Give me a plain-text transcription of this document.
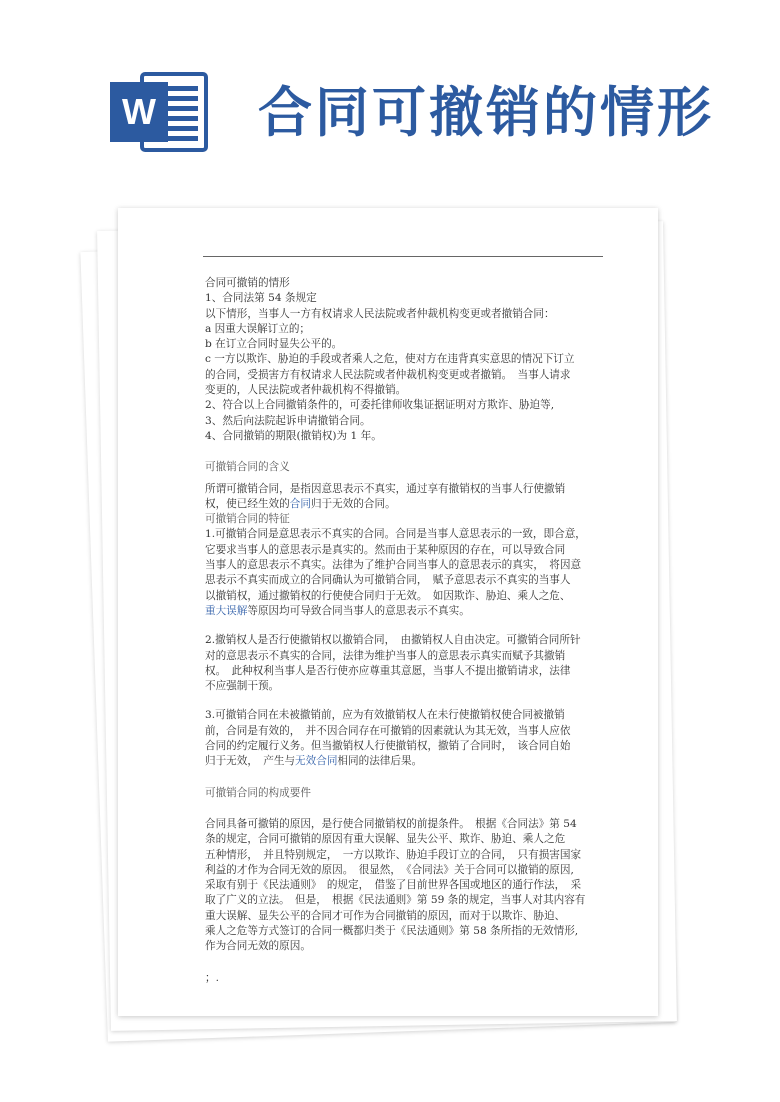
W 合同可撤销的情形

合同可撤销的情形

1、合同法第 54 条规定

以下情形，当事人一方有权请求人民法院或者仲裁机构变更或者撤销合同：

a 因重大误解订立的；

b 在订立合同时显失公平的。

c 一方以欺诈、胁迫的手段或者乘人之危，使对方在违背真实意思的情况下订立

的合同，受损害方有权请求人民法院或者仲裁机构变更或者撤销。　当事人请求

变更的，人民法院或者仲裁机构不得撤销。

2、符合以上合同撤销条件的，可委托律师收集证据证明对方欺诈、胁迫等,

3、然后向法院起诉申请撤销合同。

4、合同撤销的期限(撤销权)为 1 年。

可撤销合同的含义

所谓可撤销合同，是指因意思表示不真实，通过享有撤销权的当事人行使撤销

权，使已经生效的合同归于无效的合同。

可撤销合同的特征

1.可撤销合同是意思表示不真实的合同。合同是当事人意思表示的一致，即合意，

它要求当事人的意思表示是真实的。然而由于某种原因的存在，可以导致合同

当事人的意思表示不真实。法律为了维护合同当事人的意思表示的真实，　将因意

思表示不真实而成立的合同确认为可撤销合同，　赋予意思表示不真实的当事人

以撤销权，通过撤销权的行使使合同归于无效。　如因欺诈、胁迫、乘人之危、

重大误解等原因均可导致合同当事人的意思表示不真实。

2.撤销权人是否行使撤销权以撤销合同，　由撤销权人自由决定。可撤销合同所针

对的意思表示不真实的合同，法律为维护当事人的意思表示真实而赋予其撤销

权。　此种权利当事人是否行使亦应尊重其意愿，当事人不提出撤销请求，法律

不应强制干预。

3.可撤销合同在未被撤销前，应为有效撤销权人在未行使撤销权使合同被撤销

前，合同是有效的，　并不因合同存在可撤销的因素就认为其无效，当事人应依

合同的约定履行义务。但当撤销权人行使撤销权，撤销了合同时，　该合同自始

归于无效，　产生与无效合同相同的法律后果。

可撤销合同的构成要件

合同具备可撤销的原因，是行使合同撤销权的前提条件。　根据《合同法》第 54

条的规定，合同可撤销的原因有重大误解、显失公平、欺诈、胁迫、乘人之危

五种情形，　并且特别规定，　一方以欺诈、胁迫手段订立的合同，　只有损害国家

利益的才作为合同无效的原因。　很显然，　《合同法》关于合同可以撤销的原因,

采取有别于《民法通则》　的规定，　借鉴了目前世界各国或地区的通行作法，　采

取了广义的立法。　但是，　根据《民法通则》第 59 条的规定，当事人对其内容有

重大误解、显失公平的合同才可作为合同撤销的原因，而对于以欺诈、胁迫、

乘人之危等方式签订的合同一概都归类于《民法通则》第 58 条所指的无效情形,

作为合同无效的原因。

；.
